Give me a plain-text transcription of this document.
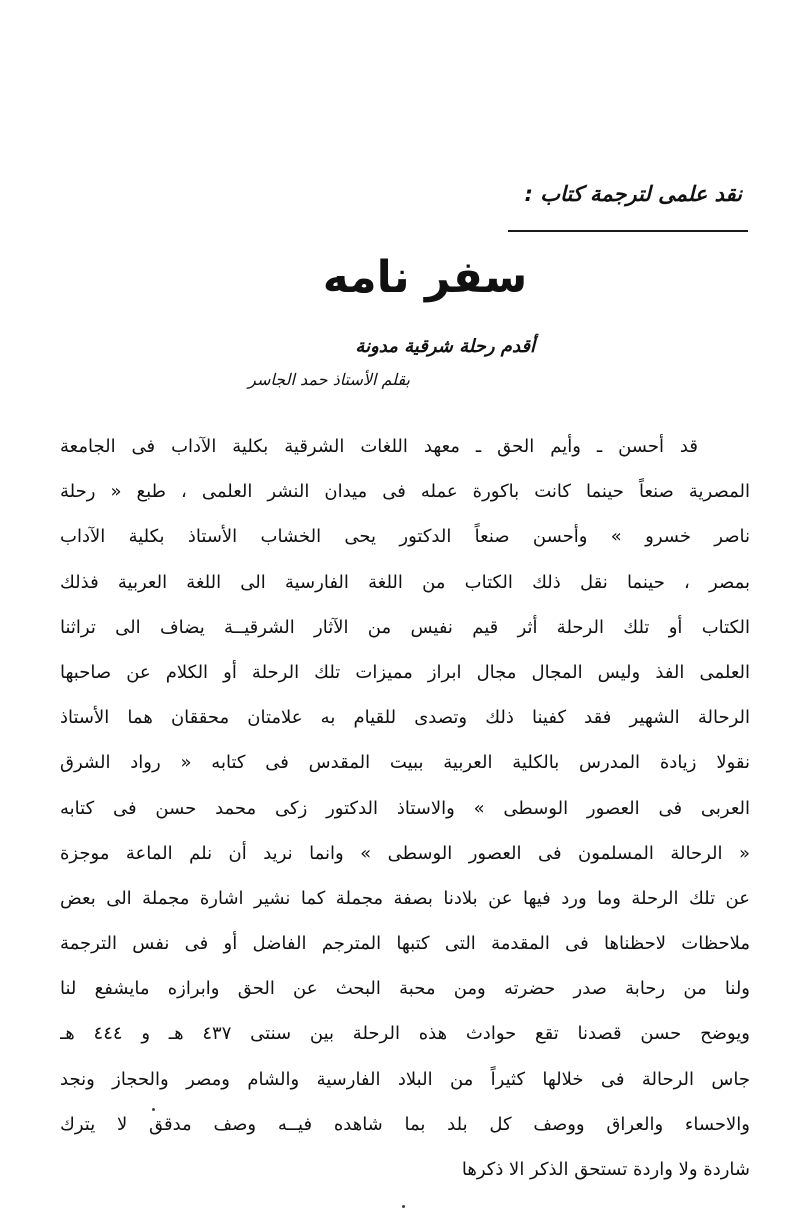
نقد علمى لترجمة كتاب :
سفر نامه
أقدم رحلة شرقية مدونة
بقلم الأستاذ حمد الجاسر
قد أحسن ـ وأيم الحق ـ معهد اللغات الشرقية بكلية الآداب فى الجامعة
المصرية صنعاً حينما كانت باكورة عمله فى ميدان النشر العلمى ، طبع « رحلة
ناصر خسرو » وأحسن صنعاً الدكتور يحى الخشاب الأستاذ بكلية الآداب
بمصر ، حينما نقل ذلك الكتاب من اللغة الفارسية الى اللغة العربية فذلك
الكتاب أو تلك الرحلة أثر قيم نفيس من الآثار الشرقيــة يضاف الى تراثنا
العلمى الفذ وليس المجال مجال ابراز مميزات تلك الرحلة أو الكلام عن صاحبها
الرحالة الشهير فقد كفينا ذلك وتصدى للقيام به علامتان محققان هما الأستاذ
نقولا زيادة المدرس بالكلية العربية ببيت المقدس فى كتابه « رواد الشرق
العربى فى العصور الوسطى » والاستاذ الدكتور زكى محمد حسن فى كتابه
« الرحالة المسلمون فى العصور الوسطى » وانما نريد أن نلم الماعة موجزة
عن تلك الرحلة وما ورد فيها عن بلادنا بصفة مجملة كما نشير اشارة مجملة الى بعض
ملاحظات لاحظناها فى المقدمة التى كتبها المترجم الفاضل أو فى نفس الترجمة
ولنا من رحابة صدر حضرته ومن محبة البحث عن الحق وابرازه مايشفع لنا
ويوضح حسن قصدنا تقع حوادث هذه الرحلة بين سنتى ٤٣٧ هـ و ٤٤٤ هـ
جاس الرحالة فى خلالها كثيراً من البلاد الفارسية والشام ومصر والحجاز ونجد
والاحساء والعراق ووصف كل بلد بما شاهده فيــه وصف مدقق لا يترك
شاردة ولا واردة تستحق الذكر الا ذكرها
